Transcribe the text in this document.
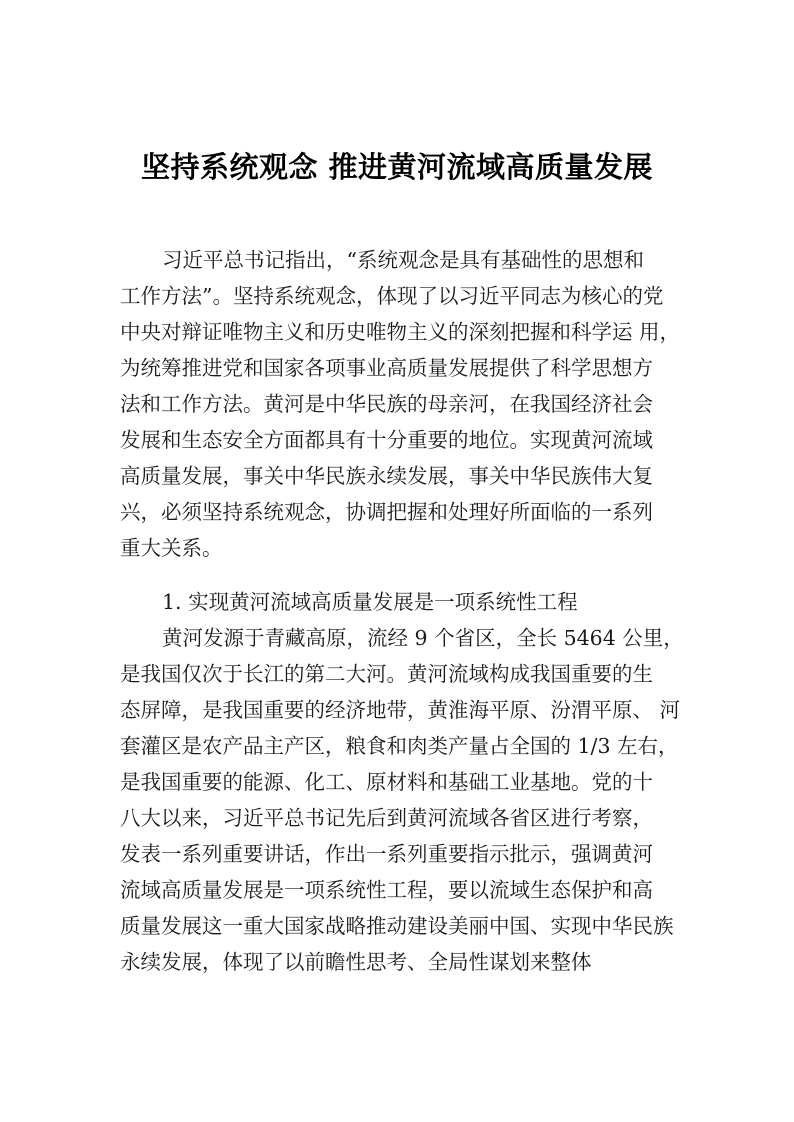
坚持系统观念 推进黄河流域高质量发展
习近平总书记指出，“系统观念是具有基础性的思想和
工作方法”。坚持系统观念，体现了以习近平同志为核心的党
中央对辩证唯物主义和历史唯物主义的深刻把握和科学运 用，
为统筹推进党和国家各项事业高质量发展提供了科学思想方
法和工作方法。黄河是中华民族的母亲河，在我国经济社会
发展和生态安全方面都具有十分重要的地位。实现黄河流域
高质量发展，事关中华民族永续发展，事关中华民族伟大复
兴，必须坚持系统观念，协调把握和处理好所面临的一系列
重大关系。
1. 实现黄河流域高质量发展是一项系统性工程
黄河发源于青藏高原，流经 9 个省区，全长 5464 公里，
是我国仅次于长江的第二大河。黄河流域构成我国重要的生
态屏障，是我国重要的经济地带，黄淮海平原、汾渭平原、 河
套灌区是农产品主产区，粮食和肉类产量占全国的 1/3 左右，
是我国重要的能源、化工、原材料和基础工业基地。党的十
八大以来，习近平总书记先后到黄河流域各省区进行考察，
发表一系列重要讲话，作出一系列重要指示批示，强调黄河
流域高质量发展是一项系统性工程，要以流域生态保护和高
质量发展这一重大国家战略推动建设美丽中国、实现中华民族
永续发展，体现了以前瞻性思考、全局性谋划来整体
